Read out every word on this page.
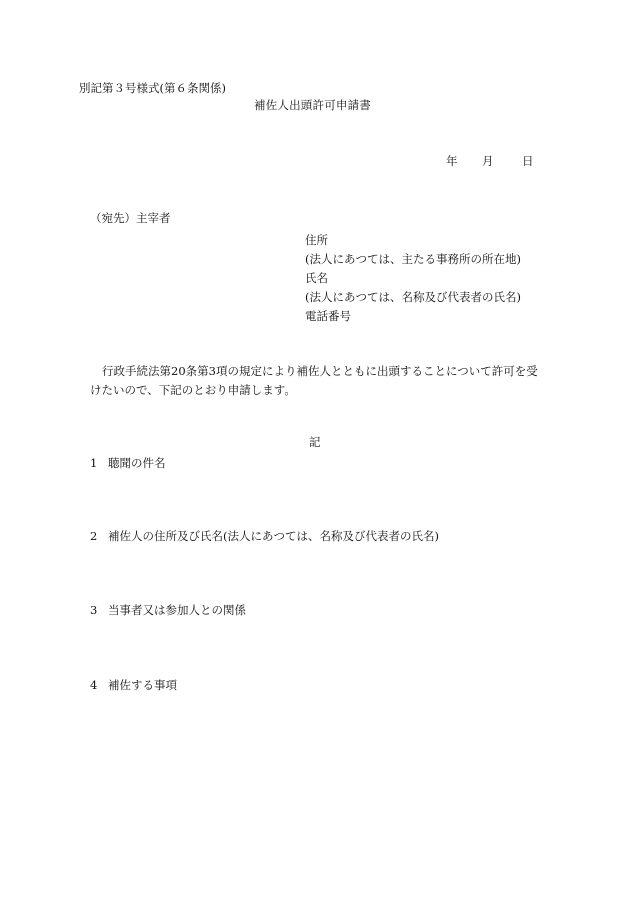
別記第３号様式(第６条関係)
補佐人出頭許可申請書
年 月 日
（宛先）主宰者
住所
(法人にあつては、主たる事務所の所在地)
氏名
(法人にあつては、名称及び代表者の氏名)
電話番号
行政手続法第20条第3項の規定により補佐人とともに出頭することについて許可を受
けたいので、下記のとおり申請します。
記
1 聴聞の件名
2 補佐人の住所及び氏名(法人にあつては、名称及び代表者の氏名)
3 当事者又は参加人との関係
4 補佐する事項
